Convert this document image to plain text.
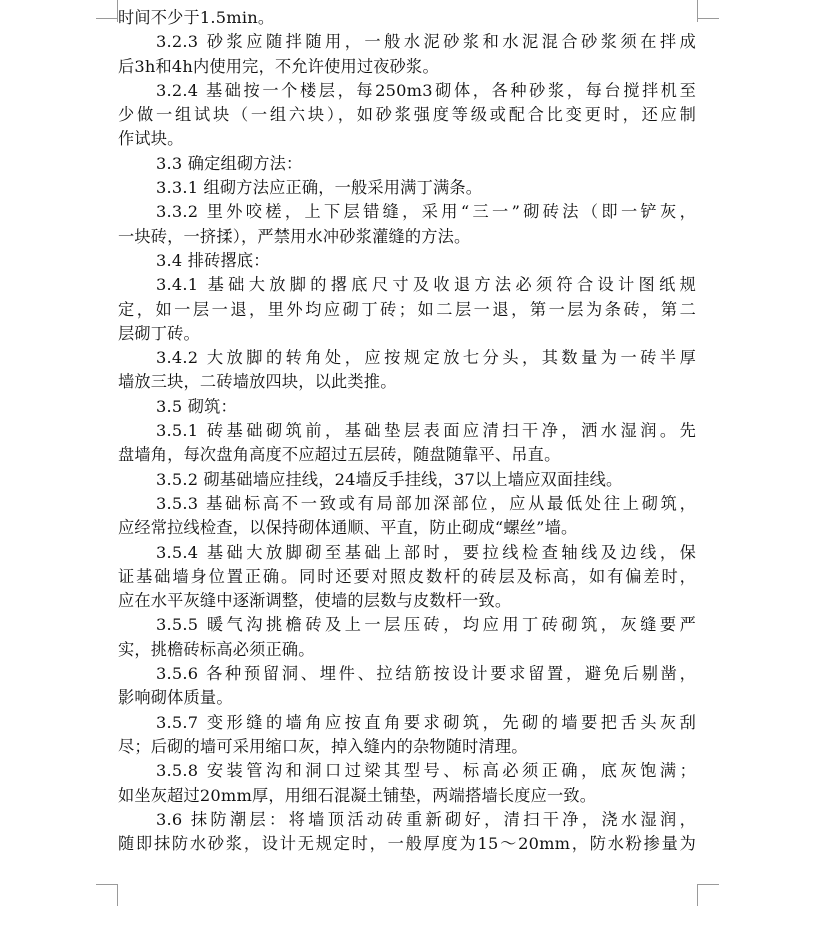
时间不少于1.5min。
3.2.3 砂浆应随拌随用，一般水泥砂浆和水泥混合砂浆须在拌成
后3h和4h内使用完，不允许使用过夜砂浆。
3.2.4 基础按一个楼层，每250m3砌体，各种砂浆，每台搅拌机至
少做一组试块（一组六块），如砂浆强度等级或配合比变更时，还应制
作试块。
3.3 确定组砌方法：
3.3.1 组砌方法应正确，一般采用满丁满条。
3.3.2 里外咬槎，上下层错缝，采用“三一”砌砖法（即一铲灰，
一块砖，一挤揉），严禁用水冲砂浆灌缝的方法。
3.4 排砖撂底：
3.4.1 基础大放脚的撂底尺寸及收退方法必须符合设计图纸规
定，如一层一退，里外均应砌丁砖；如二层一退，第一层为条砖，第二
层砌丁砖。
3.4.2 大放脚的转角处，应按规定放七分头，其数量为一砖半厚
墙放三块，二砖墙放四块，以此类推。
3.5 砌筑：
3.5.1 砖基础砌筑前，基础垫层表面应清扫干净，洒水湿润。先
盘墙角，每次盘角高度不应超过五层砖，随盘随靠平、吊直。
3.5.2 砌基础墙应挂线，24墙反手挂线，37以上墙应双面挂线。
3.5.3 基础标高不一致或有局部加深部位，应从最低处往上砌筑，
应经常拉线检查，以保持砌体通顺、平直，防止砌成“螺丝”墙。
3.5.4 基础大放脚砌至基础上部时，要拉线检查轴线及边线，保
证基础墙身位置正确。同时还要对照皮数杆的砖层及标高，如有偏差时，
应在水平灰缝中逐渐调整，使墙的层数与皮数杆一致。
3.5.5 暖气沟挑檐砖及上一层压砖，均应用丁砖砌筑，灰缝要严
实，挑檐砖标高必须正确。
3.5.6 各种预留洞、埋件、拉结筋按设计要求留置，避免后剔凿，
影响砌体质量。
3.5.7 变形缝的墙角应按直角要求砌筑，先砌的墙要把舌头灰刮
尽；后砌的墙可采用缩口灰，掉入缝内的杂物随时清理。
3.5.8 安装管沟和洞口过梁其型号、标高必须正确，底灰饱满；
如坐灰超过20mm厚，用细石混凝土铺垫，两端搭墙长度应一致。
3.6 抹防潮层：将墙顶活动砖重新砌好，清扫干净，浇水湿润，
随即抹防水砂浆，设计无规定时，一般厚度为15～20mm，防水粉掺量为
